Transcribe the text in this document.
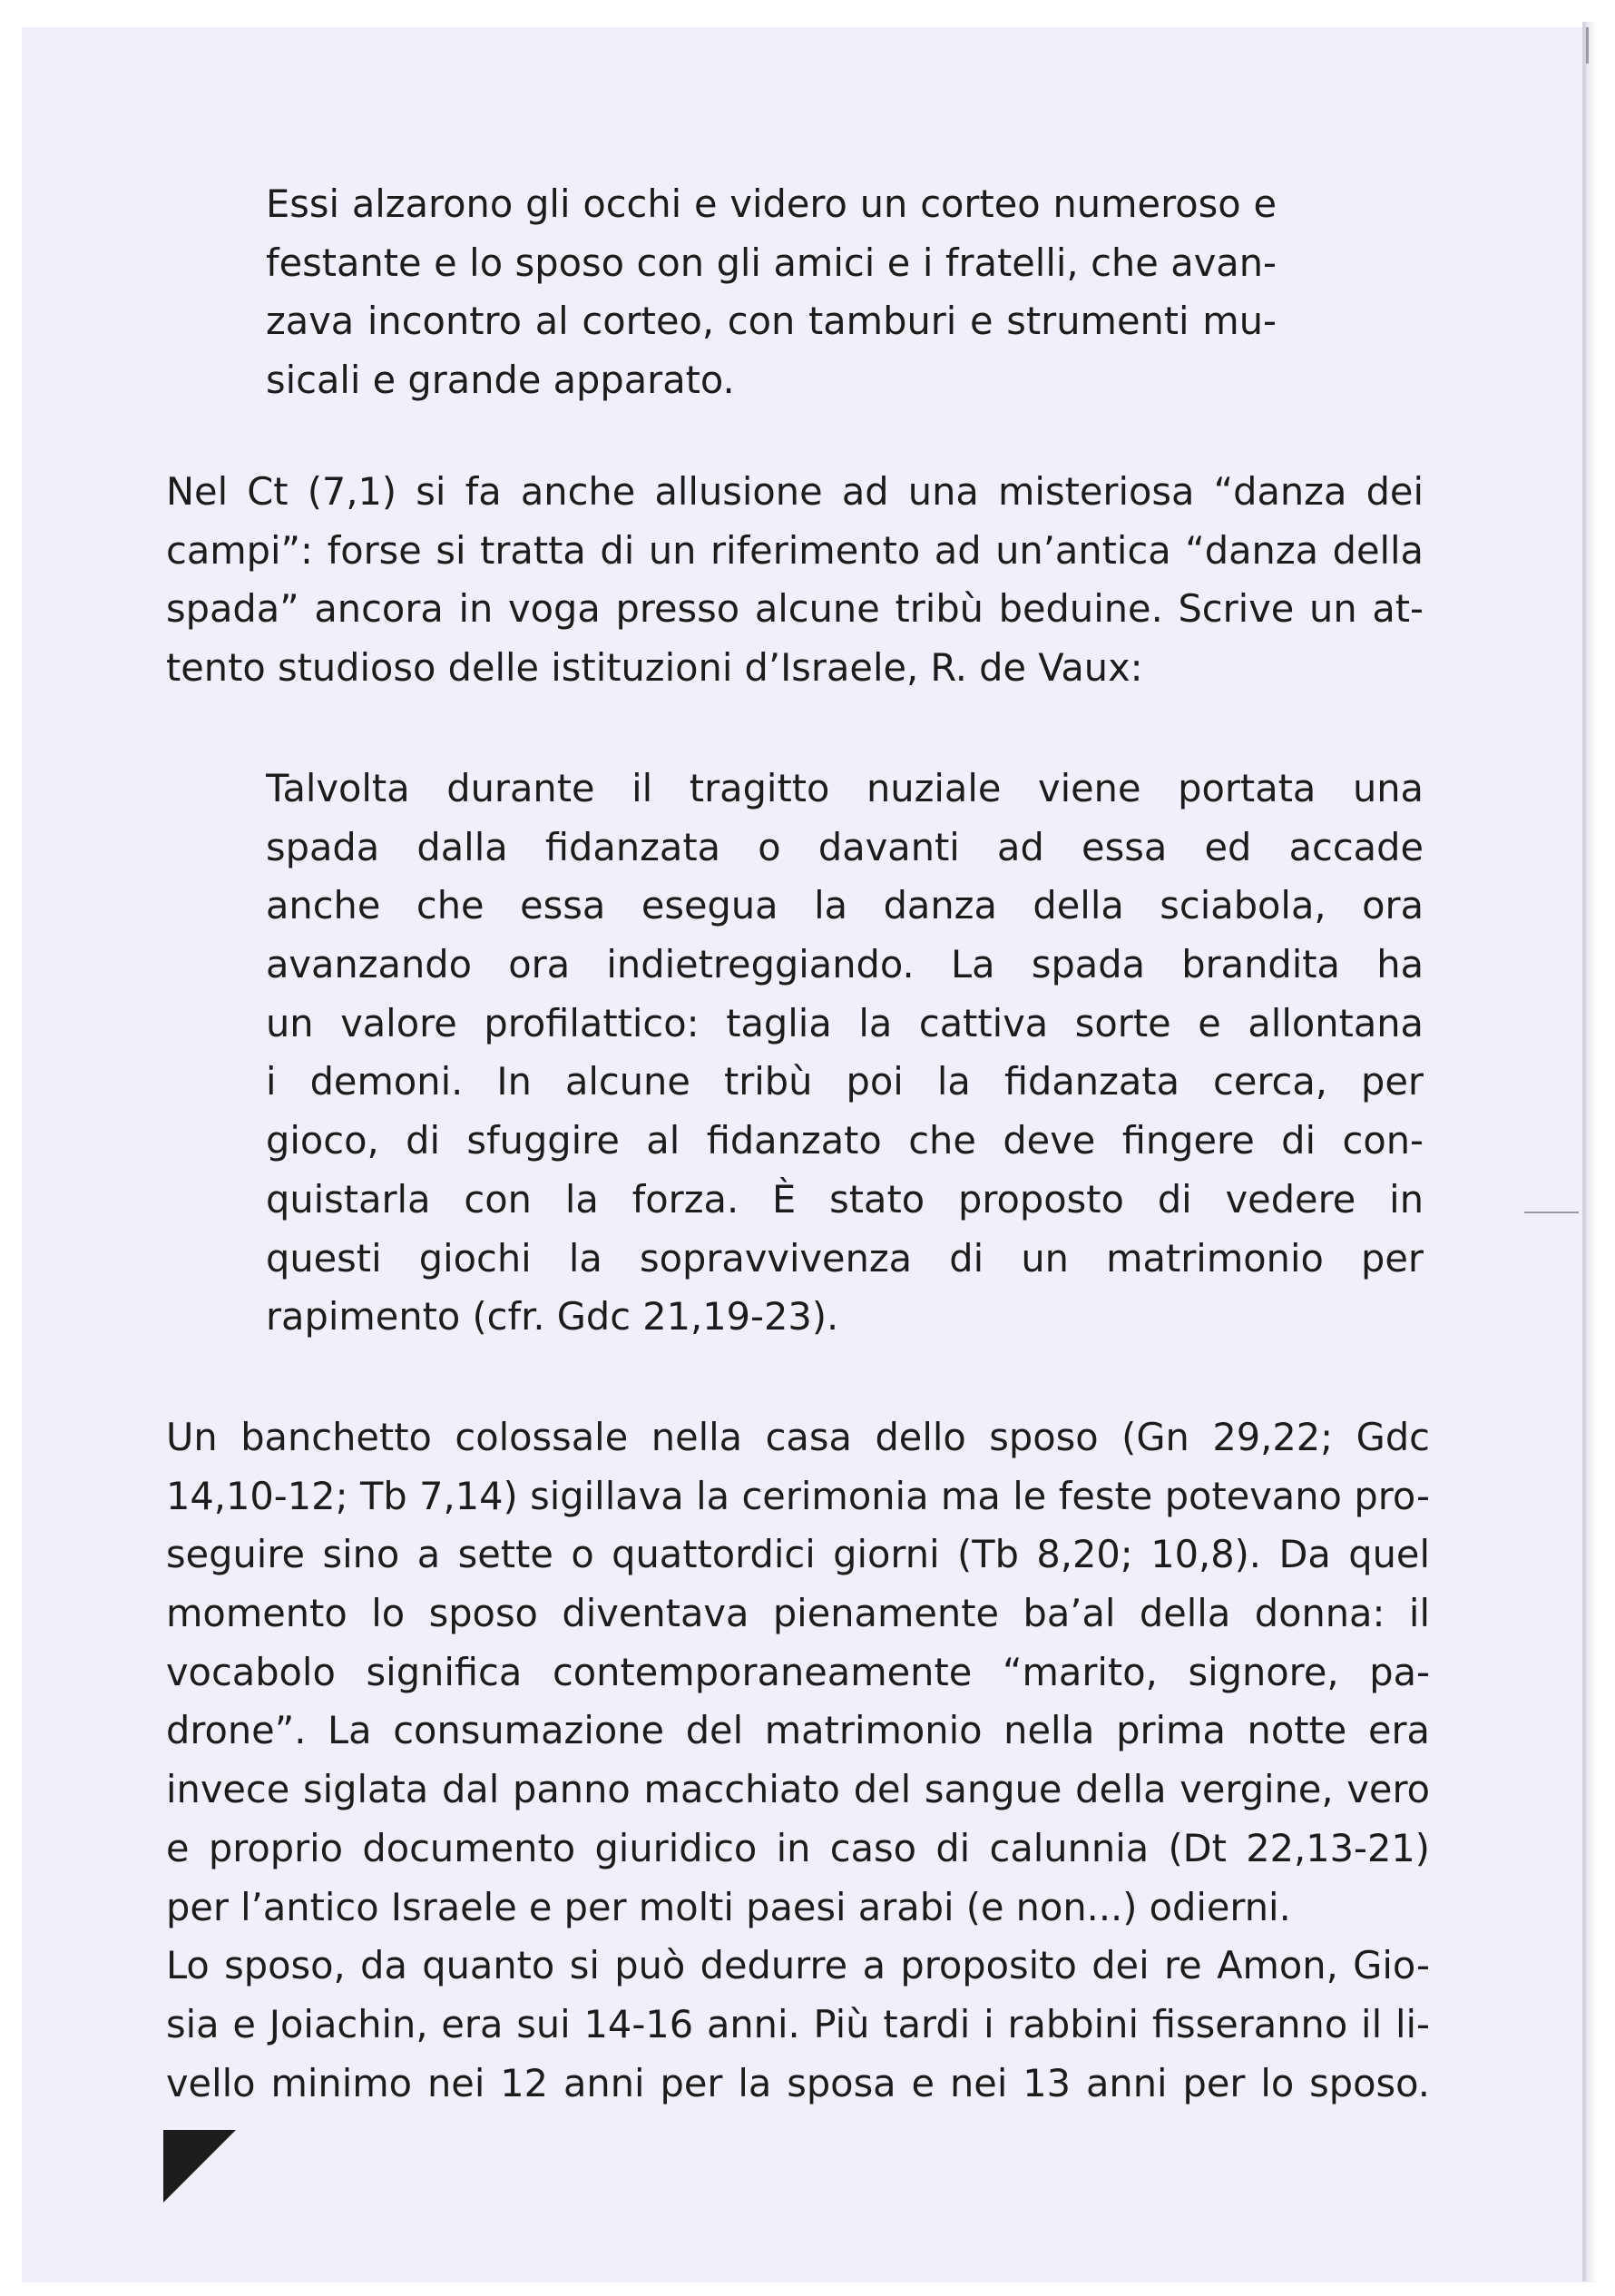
Essi alzarono gli occhi e videro un corteo numeroso e
festante e lo sposo con gli amici e i fratelli, che avan-
zava incontro al corteo, con tamburi e strumenti mu-
sicali e grande apparato.
Nel Ct (7,1) si fa anche allusione ad una misteriosa “danza dei
campi”: forse si tratta di un riferimento ad un’antica “danza della
spada” ancora in voga presso alcune tribù beduine. Scrive un at-
tento studioso delle istituzioni d’Israele, R. de Vaux:
Talvolta durante il tragitto nuziale viene portata una
spada dalla fidanzata o davanti ad essa ed accade
anche che essa esegua la danza della sciabola, ora
avanzando ora indietreggiando. La spada brandita ha
un valore profilattico: taglia la cattiva sorte e allontana
i demoni. In alcune tribù poi la fidanzata cerca, per
gioco, di sfuggire al fidanzato che deve fingere di con-
quistarla con la forza. È stato proposto di vedere in
questi giochi la sopravvivenza di un matrimonio per
rapimento (cfr. Gdc 21,19-23).
Un banchetto colossale nella casa dello sposo (Gn 29,22; Gdc
14,10-12; Tb 7,14) sigillava la cerimonia ma le feste potevano pro-
seguire sino a sette o quattordici giorni (Tb 8,20; 10,8). Da quel
momento lo sposo diventava pienamente ba’al della donna: il
vocabolo significa contemporaneamente “marito, signore, pa-
drone”. La consumazione del matrimonio nella prima notte era
invece siglata dal panno macchiato del sangue della vergine, vero
e proprio documento giuridico in caso di calunnia (Dt 22,13-21)
per l’antico Israele e per molti paesi arabi (e non...) odierni.
Lo sposo, da quanto si può dedurre a proposito dei re Amon, Gio-
sia e Joiachin, era sui 14-16 anni. Più tardi i rabbini fisseranno il li-
vello minimo nei 12 anni per la sposa e nei 13 anni per lo sposo.
172
